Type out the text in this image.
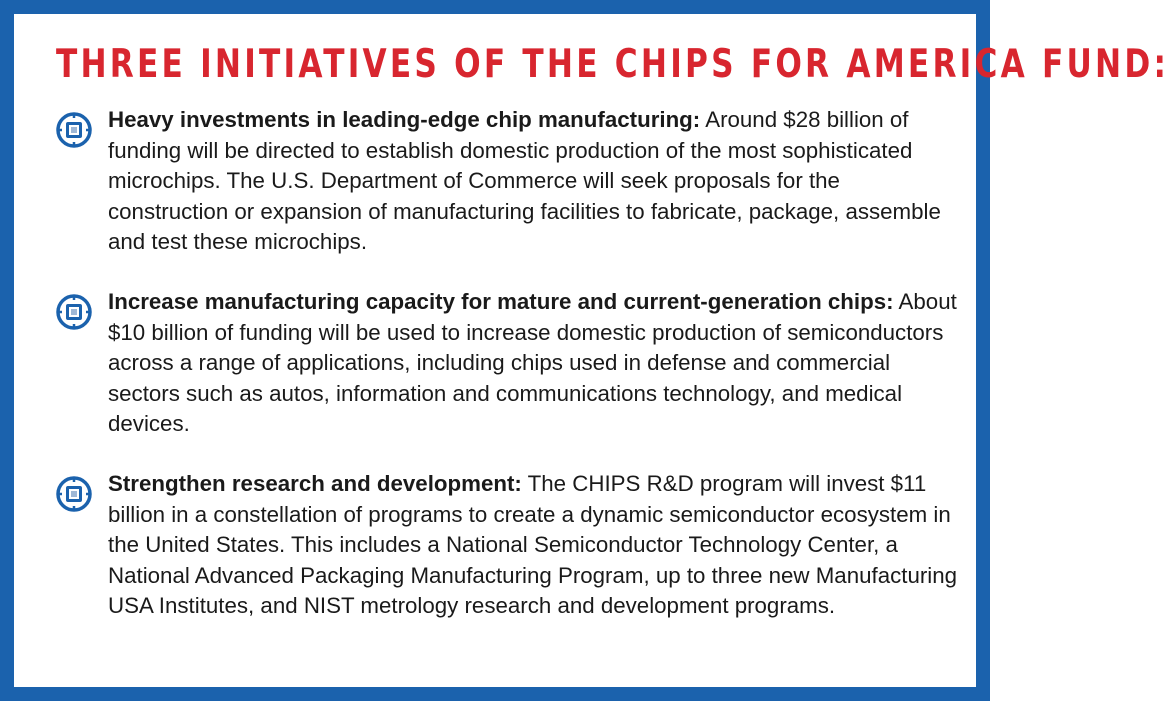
THREE INITIATIVES OF THE CHIPS FOR AMERICA FUND:

Heavy investments in leading-edge chip manufacturing: Around $28 billion of funding will be directed to establish domestic production of the most sophisticated microchips. The U.S. Department of Commerce will seek proposals for the construction or expansion of manufacturing facilities to fabricate, package, assemble and test these microchips.

Increase manufacturing capacity for mature and current-generation chips: About $10 billion of funding will be used to increase domestic production of semiconductors across a range of applications, including chips used in defense and commercial sectors such as autos, information and communications technology, and medical devices.

Strengthen research and development: The CHIPS R&D program will invest $11 billion in a constellation of programs to create a dynamic semiconductor ecosystem in the United States. This includes a National Semiconductor Technology Center, a National Advanced Packaging Manufacturing Program, up to three new Manufacturing USA Institutes, and NIST metrology research and development programs.
